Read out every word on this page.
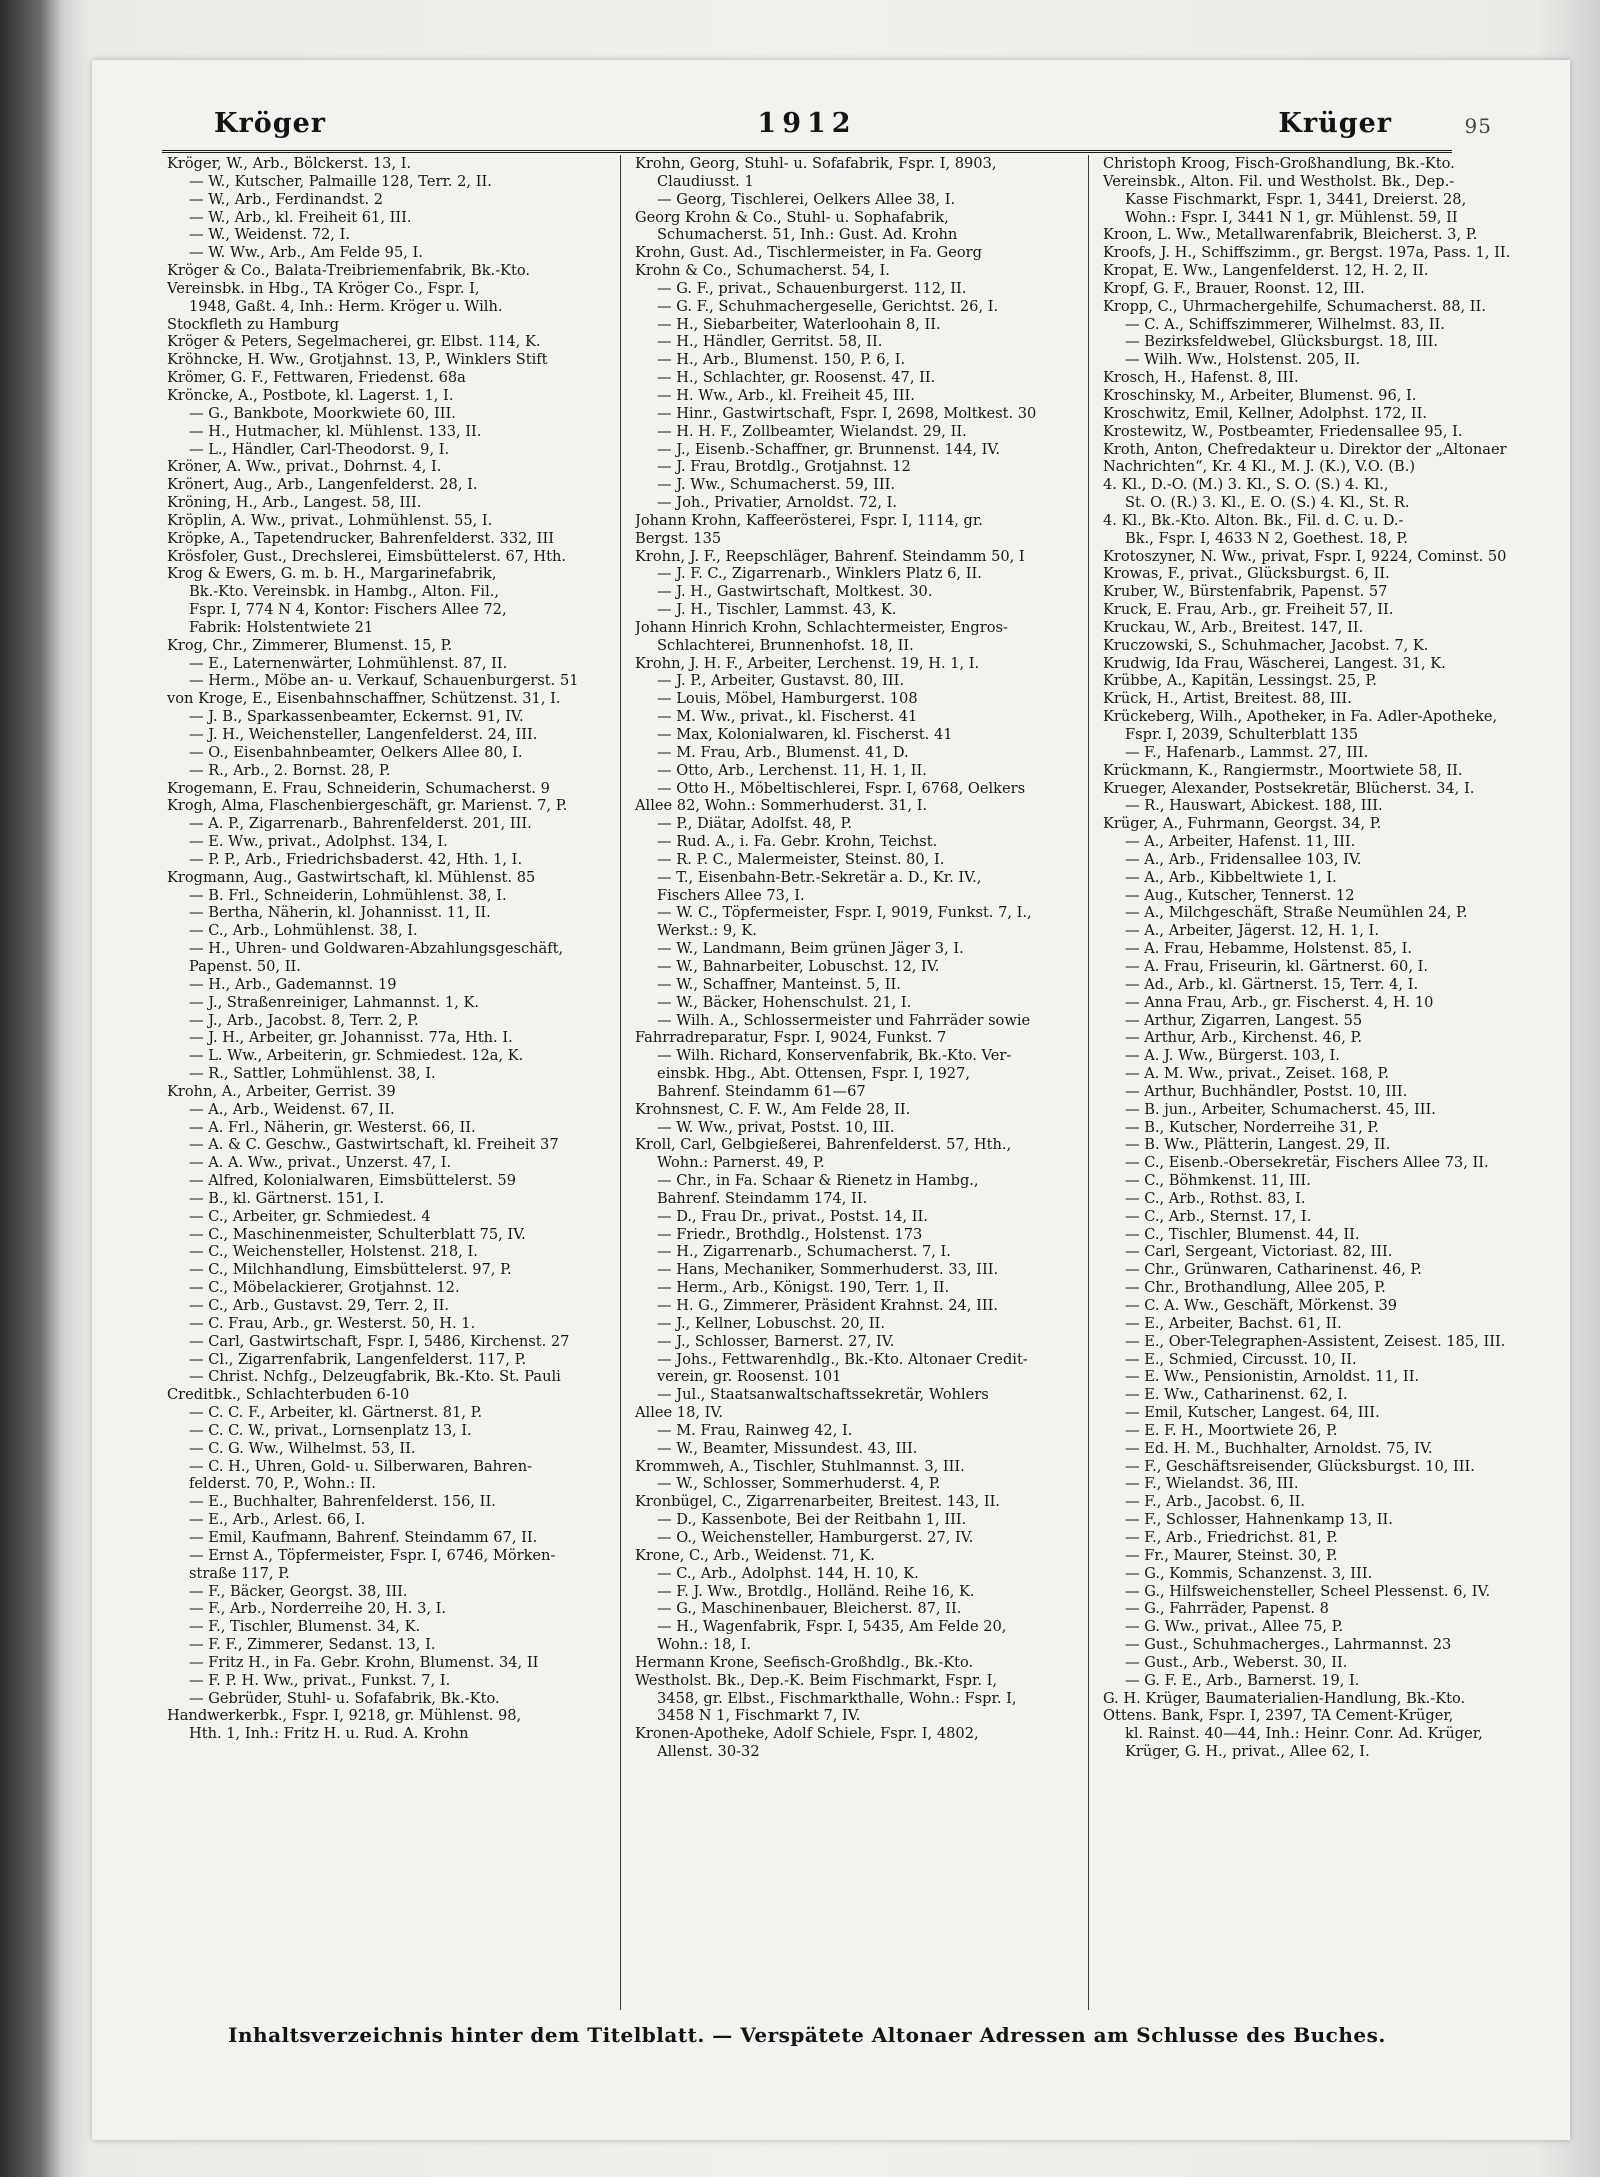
Kröger	1912	Krüger	95
Kröger, W., Arb., Bölckerst. 13, I.
— W., Kutscher, Palmaille 128, Terr. 2, II.
— W., Arb., Ferdinandst. 2
— W., Arb., kl. Freiheit 61, III.
— W., Weidenst. 72, I.
— W. Ww., Arb., Am Felde 95, I.
Kröger & Co., Balata-Treibriemenfabrik, Bk.-Kto.
Vereinsbk. in Hbg., TA Kröger Co., Fspr. I,
1948, Gaßt. 4, Inh.: Herm. Kröger u. Wilh.
Stockfleth zu Hamburg
Kröger & Peters, Segelmacherei, gr. Elbst. 114, K.
Kröhncke, H. Ww., Grotjahnst. 13, P., Winklers Stift
Krömer, G. F., Fettwaren, Friedenst. 68a
Kröncke, A., Postbote, kl. Lagerst. 1, I.
— G., Bankbote, Moorkwiete 60, III.
— H., Hutmacher, kl. Mühlenst. 133, II.
— L., Händler, Carl-Theodorst. 9, I.
Kröner, A. Ww., privat., Dohrnst. 4, I.
Krönert, Aug., Arb., Langenfelderst. 28, I.
Kröning, H., Arb., Langest. 58, III.
Kröplin, A. Ww., privat., Lohmühlenst. 55, I.
Kröpke, A., Tapetendrucker, Bahrenfelderst. 332, III
Krösfoler, Gust., Drechslerei, Eimsbüttelerst. 67, Hth.
Krog & Ewers, G. m. b. H., Margarinefabrik,
Bk.-Kto. Vereinsbk. in Hambg., Alton. Fil.,
Fspr. I, 774 N 4, Kontor: Fischers Allee 72,
Fabrik: Holstentwiete 21
Krog, Chr., Zimmerer, Blumenst. 15, P.
— E., Laternenwärter, Lohmühlenst. 87, II.
— Herm., Möbe an- u. Verkauf, Schauenburgerst. 51
von Kroge, E., Eisenbahnschaffner, Schützenst. 31, I.
— J. B., Sparkassenbeamter, Eckernst. 91, IV.
— J. H., Weichensteller, Langenfelderst. 24, III.
— O., Eisenbahnbeamter, Oelkers Allee 80, I.
— R., Arb., 2. Bornst. 28, P.
Krogemann, E. Frau, Schneiderin, Schumacherst. 9
Krogh, Alma, Flaschenbiergeschäft, gr. Marienst. 7, P.
— A. P., Zigarrenarb., Bahrenfelderst. 201, III.
— E. Ww., privat., Adolphst. 134, I.
— P. P., Arb., Friedrichsbaderst. 42, Hth. 1, I.
Krogmann, Aug., Gastwirtschaft, kl. Mühlenst. 85
— B. Frl., Schneiderin, Lohmühlenst. 38, I.
— Bertha, Näherin, kl. Johannisst. 11, II.
— C., Arb., Lohmühlenst. 38, I.
— H., Uhren- und Goldwaren-Abzahlungsgeschäft,
Papenst. 50, II.
— H., Arb., Gademannst. 19
— J., Straßenreiniger, Lahmannst. 1, K.
— J., Arb., Jacobst. 8, Terr. 2, P.
— J. H., Arbeiter, gr. Johannisst. 77a, Hth. I.
— L. Ww., Arbeiterin, gr. Schmiedest. 12a, K.
— R., Sattler, Lohmühlenst. 38, I.
Krohn, A., Arbeiter, Gerrist. 39
— A., Arb., Weidenst. 67, II.
— A. Frl., Näherin, gr. Westerst. 66, II.
— A. & C. Geschw., Gastwirtschaft, kl. Freiheit 37
— A. A. Ww., privat., Unzerst. 47, I.
— Alfred, Kolonialwaren, Eimsbüttelerst. 59
— B., kl. Gärtnerst. 151, I.
— C., Arbeiter, gr. Schmiedest. 4
— C., Maschinenmeister, Schulterblatt 75, IV.
— C., Weichensteller, Holstenst. 218, I.
— C., Milchhandlung, Eimsbüttelerst. 97, P.
— C., Möbelackierer, Grotjahnst. 12.
— C., Arb., Gustavst. 29, Terr. 2, II.
— C. Frau, Arb., gr. Westerst. 50, H. 1.
— Carl, Gastwirtschaft, Fspr. I, 5486, Kirchenst. 27
— Cl., Zigarrenfabrik, Langenfelderst. 117, P.
— Christ. Nchfg., Delzeugfabrik, Bk.-Kto. St. Pauli
Creditbk., Schlachterbuden 6-10
— C. C. F., Arbeiter, kl. Gärtnerst. 81, P.
— C. C. W., privat., Lornsenplatz 13, I.
— C. G. Ww., Wilhelmst. 53, II.
— C. H., Uhren, Gold- u. Silberwaren, Bahren-
felderst. 70, P., Wohn.: II.
— E., Buchhalter, Bahrenfelderst. 156, II.
— E., Arb., Arlest. 66, I.
— Emil, Kaufmann, Bahrenf. Steindamm 67, II.
— Ernst A., Töpfermeister, Fspr. I, 6746, Mörken-
straße 117, P.
— F., Bäcker, Georgst. 38, III.
— F., Arb., Norderreihe 20, H. 3, I.
— F., Tischler, Blumenst. 34, K.
— F. F., Zimmerer, Sedanst. 13, I.
— Fritz H., in Fa. Gebr. Krohn, Blumenst. 34, II
— F. P. H. Ww., privat., Funkst. 7, I.
— Gebrüder, Stuhl- u. Sofafabrik, Bk.-Kto.
Handwerkerbk., Fspr. I, 9218, gr. Mühlenst. 98,
Hth. 1, Inh.: Fritz H. u. Rud. A. Krohn
Krohn, Georg, Stuhl- u. Sofafabrik, Fspr. I, 8903,
Claudiusst. 1
— Georg, Tischlerei, Oelkers Allee 38, I.
Georg Krohn & Co., Stuhl- u. Sophafabrik,
Schumacherst. 51, Inh.: Gust. Ad. Krohn
Krohn, Gust. Ad., Tischlermeister, in Fa. Georg
Krohn & Co., Schumacherst. 54, I.
— G. F., privat., Schauenburgerst. 112, II.
— G. F., Schuhmachergeselle, Gerichtst. 26, I.
— H., Siebarbeiter, Waterloohain 8, II.
— H., Händler, Gerritst. 58, II.
— H., Arb., Blumenst. 150, P. 6, I.
— H., Schlachter, gr. Roosenst. 47, II.
— H. Ww., Arb., kl. Freiheit 45, III.
— Hinr., Gastwirtschaft, Fspr. I, 2698, Moltkest. 30
— H. H. F., Zollbeamter, Wielandst. 29, II.
— J., Eisenb.-Schaffner, gr. Brunnenst. 144, IV.
— J. Frau, Brotdlg., Grotjahnst. 12
— J. Ww., Schumacherst. 59, III.
— Joh., Privatier, Arnoldst. 72, I.
Johann Krohn, Kaffeerösterei, Fspr. I, 1114, gr.
Bergst. 135
Krohn, J. F., Reepschläger, Bahrenf. Steindamm 50, I
— J. F. C., Zigarrenarb., Winklers Platz 6, II.
— J. H., Gastwirtschaft, Moltkest. 30.
— J. H., Tischler, Lammst. 43, K.
Johann Hinrich Krohn, Schlachtermeister, Engros-
Schlachterei, Brunnenhofst. 18, II.
Krohn, J. H. F., Arbeiter, Lerchenst. 19, H. 1, I.
— J. P., Arbeiter, Gustavst. 80, III.
— Louis, Möbel, Hamburgerst. 108
— M. Ww., privat., kl. Fischerst. 41
— Max, Kolonialwaren, kl. Fischerst. 41
— M. Frau, Arb., Blumenst. 41, D.
— Otto, Arb., Lerchenst. 11, H. 1, II.
— Otto H., Möbeltischlerei, Fspr. I, 6768, Oelkers
Allee 82, Wohn.: Sommerhuderst. 31, I.
— P., Diätar, Adolfst. 48, P.
— Rud. A., i. Fa. Gebr. Krohn, Teichst.
— R. P. C., Malermeister, Steinst. 80, I.
— T., Eisenbahn-Betr.-Sekretär a. D., Kr. IV.,
Fischers Allee 73, I.
— W. C., Töpfermeister, Fspr. I, 9019, Funkst. 7, I.,
Werkst.: 9, K.
— W., Landmann, Beim grünen Jäger 3, I.
— W., Bahnarbeiter, Lobuschst. 12, IV.
— W., Schaffner, Manteinst. 5, II.
— W., Bäcker, Hohenschulst. 21, I.
— Wilh. A., Schlossermeister und Fahrräder sowie
Fahrradreparatur, Fspr. I, 9024, Funkst. 7
— Wilh. Richard, Konservenfabrik, Bk.-Kto. Ver-
einsbk. Hbg., Abt. Ottensen, Fspr. I, 1927,
Bahrenf. Steindamm 61—67
Krohnsnest, C. F. W., Am Felde 28, II.
— W. Ww., privat, Postst. 10, III.
Kroll, Carl, Gelbgießerei, Bahrenfelderst. 57, Hth.,
Wohn.: Parnerst. 49, P.
— Chr., in Fa. Schaar & Rienetz in Hambg.,
Bahrenf. Steindamm 174, II.
— D., Frau Dr., privat., Postst. 14, II.
— Friedr., Brothdlg., Holstenst. 173
— H., Zigarrenarb., Schumacherst. 7, I.
— Hans, Mechaniker, Sommerhuderst. 33, III.
— Herm., Arb., Königst. 190, Terr. 1, II.
— H. G., Zimmerer, Präsident Krahnst. 24, III.
— J., Kellner, Lobuschst. 20, II.
— J., Schlosser, Barnerst. 27, IV.
— Johs., Fettwarenhdlg., Bk.-Kto. Altonaer Credit-
verein, gr. Roosenst. 101
— Jul., Staatsanwaltschaftssekretär, Wohlers
Allee 18, IV.
— M. Frau, Rainweg 42, I.
— W., Beamter, Missundest. 43, III.
Krommweh, A., Tischler, Stuhlmannst. 3, III.
— W., Schlosser, Sommerhuderst. 4, P.
Kronbügel, C., Zigarrenarbeiter, Breitest. 143, II.
— D., Kassenbote, Bei der Reitbahn 1, III.
— O., Weichensteller, Hamburgerst. 27, IV.
Krone, C., Arb., Weidenst. 71, K.
— C., Arb., Adolphst. 144, H. 10, K.
— F. J. Ww., Brotdlg., Holländ. Reihe 16, K.
— G., Maschinenbauer, Bleicherst. 87, II.
— H., Wagenfabrik, Fspr. I, 5435, Am Felde 20,
Wohn.: 18, I.
Hermann Krone, Seefisch-Großhdlg., Bk.-Kto.
Westholst. Bk., Dep.-K. Beim Fischmarkt, Fspr. I,
3458, gr. Elbst., Fischmarkthalle, Wohn.: Fspr. I,
3458 N 1, Fischmarkt 7, IV.
Kronen-Apotheke, Adolf Schiele, Fspr. I, 4802,
Allenst. 30-32
Christoph Kroog, Fisch-Großhandlung, Bk.-Kto.
Vereinsbk., Alton. Fil. und Westholst. Bk., Dep.-
Kasse Fischmarkt, Fspr. 1, 3441, Dreierst. 28,
Wohn.: Fspr. I, 3441 N 1, gr. Mühlenst. 59, II
Kroon, L. Ww., Metallwarenfabrik, Bleicherst. 3, P.
Kroofs, J. H., Schiffszimm., gr. Bergst. 197a, Pass. 1, II.
Kropat, E. Ww., Langenfelderst. 12, H. 2, II.
Kropf, G. F., Brauer, Roonst. 12, III.
Kropp, C., Uhrmachergehilfe, Schumacherst. 88, II.
— C. A., Schiffszimmerer, Wilhelmst. 83, II.
— Bezirksfeldwebel, Glücksburgst. 18, III.
— Wilh. Ww., Holstenst. 205, II.
Krosch, H., Hafenst. 8, III.
Kroschinsky, M., Arbeiter, Blumenst. 96, I.
Kroschwitz, Emil, Kellner, Adolphst. 172, II.
Krostewitz, W., Postbeamter, Friedensallee 95, I.
Kroth, Anton, Chefredakteur u. Direktor der „Altonaer
Nachrichten“, Kr. 4 Kl., M. J. (K.), V.O. (B.)
4. Kl., D.-O. (M.) 3. Kl., S. O. (S.) 4. Kl.,
St. O. (R.) 3. Kl., E. O. (S.) 4. Kl., St. R.
4. Kl., Bk.-Kto. Alton. Bk., Fil. d. C. u. D.-
Bk., Fspr. I, 4633 N 2, Goethest. 18, P.
Krotoszyner, N. Ww., privat, Fspr. I, 9224, Cominst. 50
Krowas, F., privat., Glücksburgst. 6, II.
Kruber, W., Bürstenfabrik, Papenst. 57
Kruck, E. Frau, Arb., gr. Freiheit 57, II.
Kruckau, W., Arb., Breitest. 147, II.
Kruczowski, S., Schuhmacher, Jacobst. 7, K.
Krudwig, Ida Frau, Wäscherei, Langest. 31, K.
Krübbe, A., Kapitän, Lessingst. 25, P.
Krück, H., Artist, Breitest. 88, III.
Krückeberg, Wilh., Apotheker, in Fa. Adler-Apotheke,
Fspr. I, 2039, Schulterblatt 135
— F., Hafenarb., Lammst. 27, III.
Krückmann, K., Rangiermstr., Moortwiete 58, II.
Krueger, Alexander, Postsekretär, Blücherst. 34, I.
— R., Hauswart, Abickest. 188, III.
Krüger, A., Fuhrmann, Georgst. 34, P.
— A., Arbeiter, Hafenst. 11, III.
— A., Arb., Fridensallee 103, IV.
— A., Arb., Kibbeltwiete 1, I.
— Aug., Kutscher, Tennerst. 12
— A., Milchgeschäft, Straße Neumühlen 24, P.
— A., Arbeiter, Jägerst. 12, H. 1, I.
— A. Frau, Hebamme, Holstenst. 85, I.
— A. Frau, Friseurin, kl. Gärtnerst. 60, I.
— Ad., Arb., kl. Gärtnerst. 15, Terr. 4, I.
— Anna Frau, Arb., gr. Fischerst. 4, H. 10
— Arthur, Zigarren, Langest. 55
— Arthur, Arb., Kirchenst. 46, P.
— A. J. Ww., Bürgerst. 103, I.
— A. M. Ww., privat., Zeiset. 168, P.
— Arthur, Buchhändler, Postst. 10, III.
— B. jun., Arbeiter, Schumacherst. 45, III.
— B., Kutscher, Norderreihe 31, P.
— B. Ww., Plätterin, Langest. 29, II.
— C., Eisenb.-Obersekretär, Fischers Allee 73, II.
— C., Böhmkenst. 11, III.
— C., Arb., Rothst. 83, I.
— C., Arb., Sternst. 17, I.
— C., Tischler, Blumenst. 44, II.
— Carl, Sergeant, Victoriast. 82, III.
— Chr., Grünwaren, Catharinenst. 46, P.
— Chr., Brothandlung, Allee 205, P.
— C. A. Ww., Geschäft, Mörkenst. 39
— E., Arbeiter, Bachst. 61, II.
— E., Ober-Telegraphen-Assistent, Zeisest. 185, III.
— E., Schmied, Circusst. 10, II.
— E. Ww., Pensionistin, Arnoldst. 11, II.
— E. Ww., Catharinenst. 62, I.
— Emil, Kutscher, Langest. 64, III.
— E. F. H., Moortwiete 26, P.
— Ed. H. M., Buchhalter, Arnoldst. 75, IV.
— F., Geschäftsreisender, Glücksburgst. 10, III.
— F., Wielandst. 36, III.
— F., Arb., Jacobst. 6, II.
— F., Schlosser, Hahnenkamp 13, II.
— F., Arb., Friedrichst. 81, P.
— Fr., Maurer, Steinst. 30, P.
— G., Kommis, Schanzenst. 3, III.
— G., Hilfsweichensteller, Scheel Plessenst. 6, IV.
— G., Fahrräder, Papenst. 8
— G. Ww., privat., Allee 75, P.
— Gust., Schuhmacherges., Lahrmannst. 23
— Gust., Arb., Weberst. 30, II.
— G. F. E., Arb., Barnerst. 19, I.
G. H. Krüger, Baumaterialien-Handlung, Bk.-Kto.
Ottens. Bank, Fspr. I, 2397, TA Cement-Krüger,
kl. Rainst. 40—44, Inh.: Heinr. Conr. Ad. Krüger,
Krüger, G. H., privat., Allee 62, I.
Inhaltsverzeichnis hinter dem Titelblatt. — Verspätete Altonaer Adressen am Schlusse des Buches.
